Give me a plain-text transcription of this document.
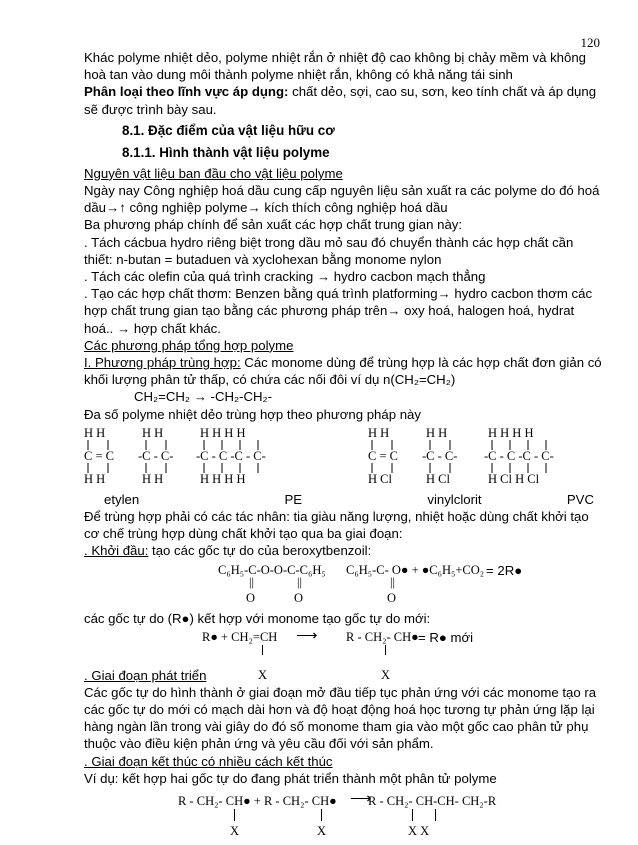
120

Khác polyme nhiệt dẻo, polyme nhiệt rắn ở nhiệt độ cao không bị chảy mềm và không hoà tan vào dung môi thành polyme nhiệt rắn, không có khả năng tái sinh

Phân loại theo lĩnh vực áp dụng: chất dẻo, sợi, cao su, sơn, keo tính chất và áp dụng sẽ được trình bày sau.

8.1. Đặc điểm của vật liệu hữu cơ

8.1.1. Hình thành vật liệu polyme

Nguyên vật liệu ban đầu cho vật liệu polyme

Ngày nay Công nghiệp hoá dầu cung cấp nguyên liệu sản xuất ra các polyme do đó hoá dầu→↑ công nghiệp polyme→ kích thích công nghiệp hoá dầu

Ba phương pháp chính để sản xuất các hợp chất trung gian này:

. Tách cácbua hydro riêng biệt trong dầu mỏ sau đó chuyển thành các hợp chất cần thiết: n-butan = butaduen và xyclohexan bằng monome nylon

. Tách các olefin của quá trình cracking → hydro cacbon mạch thẳng

. Tạo các hợp chất thơm: Benzen bằng quá trình platforming→ hydro cacbon thơm các hợp chất trung gian tạo bằng các phương pháp trên→ oxy hoá, halogen hoá, hydrat hoá.. → hợp chất khác.

Các phương pháp tổng hợp polyme

I. Phương pháp trùng hợp: Các monome dùng để trùng hợp là các hợp chất đơn giản có khối lượng phân tử thấp, có chứa các nối đôi ví dụ n(CH₂=CH₂)

CH₂=CH₂ → -CH₂-CH₂-

Đa số polyme nhiệt dẻo trùng hợp theo phương pháp này

H H
C = C
H H
H H
-C - C-
H H
H H H H
-C - C -C - C-
H H H H
H H
C = C
H Cl
H H
-C - C-
H Cl
H H H H
-C - C -C - C-
H Cl H Cl
etylen	PE	vinylclorit	PVC

Để trùng hợp phải có các tác nhân: tia giàu năng lượng, nhiệt hoặc dùng chất khởi tạo cơ chế trùng hợp dùng chất khởi tạo qua ba giai đoạn:

. Khởi đầu: tạo các gốc tự do của beroxytbenzoil:

C₆H₅-C-O-O-C-C₆H₅ C₆H₅-C- O● + ●C₆H₅+CO₂ = 2R●
||	||	||
O	O	O

các gốc tự do (R●) kết hợp với monome tạo gốc tự do mới:

R● + CH₂=CH ⟶ R - CH₂- CH● = R● mới
. Giai đoạn phát triển	X	X

Các gốc tự do hình thành ở giai đoạn mở đầu tiếp tục phản ứng với các monome tạo ra các gốc tự do mới có mạch dài hơn và độ hoạt động hoá học tương tự phản ứng lặp lại hàng ngàn lần trong vài giây do đó số monome tham gia vào một gốc cao phân tử phụ thuộc vào điều kiện phản ứng và yêu cầu đối với sản phẩm.

. Giai đoạn kết thúc có nhiều cách kết thúc

Ví dụ: kết hợp hai gốc tự do đang phát triển thành một phân tử polyme

R - CH₂- CH● + R - CH₂- CH● ⟶
R - CH₂- CH-CH- CH₂-R
X	X	X X
